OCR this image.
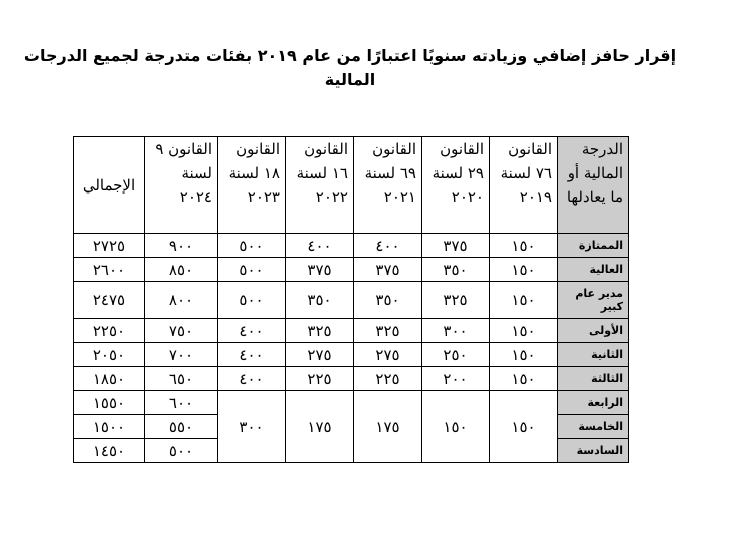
إقرار حافز إضافي وزيادته سنويًا اعتبارًا من عام ٢٠١٩ بفئات متدرجة لجميع الدرجات المالية
الدرجة المالية أو ما يعادلها	القانون ٧٦ لسنة ٢٠١٩	القانون ٢٩ لسنة ٢٠٢٠	القانون ٦٩ لسنة ٢٠٢١	القانون ١٦ لسنة ٢٠٢٢	القانون ١٨ لسنة ٢٠٢٣	القانون ٩ لسنة ٢٠٢٤	الإجمالي
الممتازة	١٥٠	٣٧٥	٤٠٠	٤٠٠	٥٠٠	٩٠٠	٢٧٢٥
العالية	١٥٠	٣٥٠	٣٧٥	٣٧٥	٥٠٠	٨٥٠	٢٦٠٠
مدير عام كبير	١٥٠	٣٢٥	٣٥٠	٣٥٠	٥٠٠	٨٠٠	٢٤٧٥
الأولى	١٥٠	٣٠٠	٣٢٥	٣٢٥	٤٠٠	٧٥٠	٢٢٥٠
الثانية	١٥٠	٢٥٠	٢٧٥	٢٧٥	٤٠٠	٧٠٠	٢٠٥٠
الثالثة	١٥٠	٢٠٠	٢٢٥	٢٢٥	٤٠٠	٦٥٠	١٨٥٠
الرابعة	١٥٠	١٥٠	١٧٥	١٧٥	٣٠٠	٦٠٠	١٥٥٠
الخامسة						٥٥٠	١٥٠٠
السادسة						٥٠٠	١٤٥٠
